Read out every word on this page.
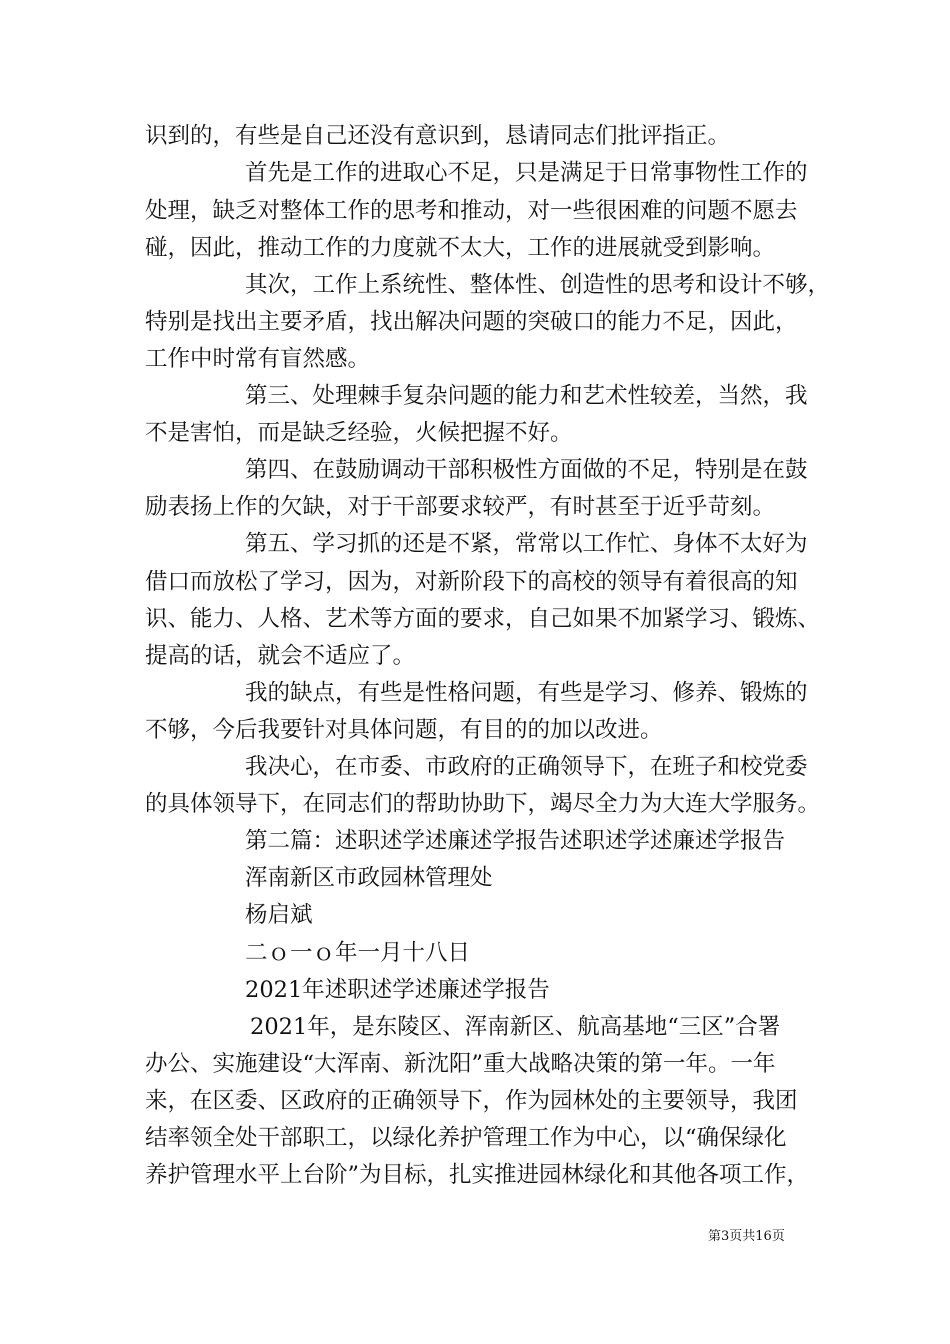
识到的，有些是自己还没有意识到，恳请同志们批评指正。
首先是工作的进取心不足，只是满足于日常事物性工作的
处理，缺乏对整体工作的思考和推动，对一些很困难的问题不愿去
碰，因此，推动工作的力度就不太大，工作的进展就受到影响。
其次，工作上系统性、整体性、创造性的思考和设计不够，
特别是找出主要矛盾，找出解决问题的突破口的能力不足，因此，
工作中时常有盲然感。
第三、处理棘手复杂问题的能力和艺术性较差，当然，我
不是害怕，而是缺乏经验，火候把握不好。
第四、在鼓励调动干部积极性方面做的不足，特别是在鼓
励表扬上作的欠缺，对于干部要求较严，有时甚至于近乎苛刻。
第五、学习抓的还是不紧，常常以工作忙、身体不太好为
借口而放松了学习，因为，对新阶段下的高校的领导有着很高的知
识、能力、人格、艺术等方面的要求，自己如果不加紧学习、锻炼、
提高的话，就会不适应了。
我的缺点，有些是性格问题，有些是学习、修养、锻炼的
不够，今后我要针对具体问题，有目的的加以改进。
我决心，在市委、市政府的正确领导下，在班子和校党委
的具体领导下，在同志们的帮助协助下，竭尽全力为大连大学服务。
第二篇：述职述学述廉述学报告述职述学述廉述学报告
浑南新区市政园林管理处
杨启斌
二ｏ一ｏ年一月十八日
2021年述职述学述廉述学报告
2021年，是东陵区、浑南新区、航高基地“三区”合署
办公、实施建设“大浑南、新沈阳”重大战略决策的第一年。一年
来，在区委、区政府的正确领导下，作为园林处的主要领导，我团
结率领全处干部职工，以绿化养护管理工作为中心，以“确保绿化
养护管理水平上台阶”为目标，扎实推进园林绿化和其他各项工作，
第3页共16页
